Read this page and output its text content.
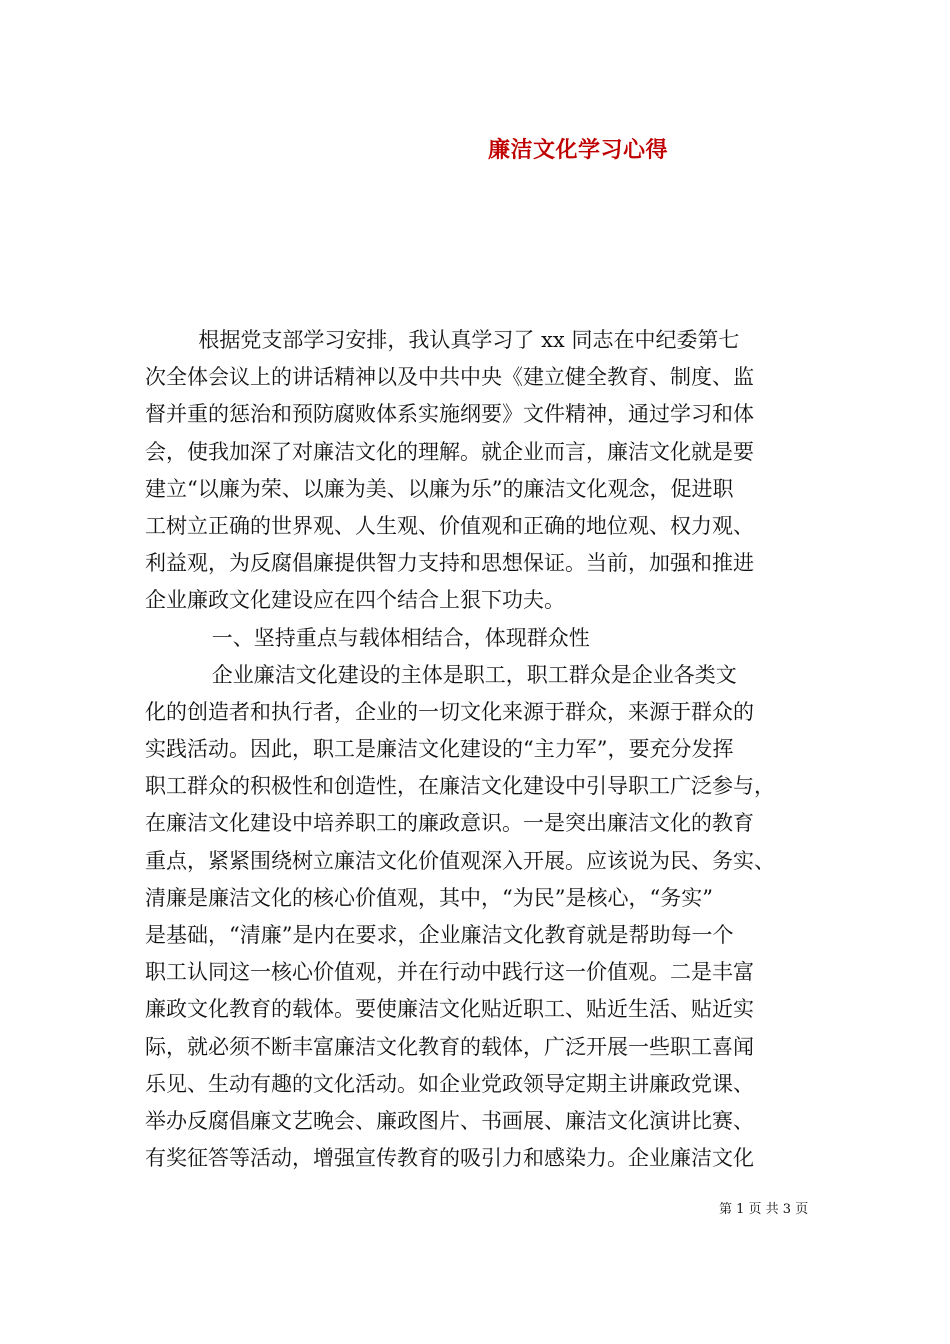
廉洁文化学习心得
根据党支部学习安排，我认真学习了 xx 同志在中纪委第七
次全体会议上的讲话精神以及中共中央《建立健全教育、制度、监
督并重的惩治和预防腐败体系实施纲要》文件精神，通过学习和体
会，使我加深了对廉洁文化的理解。就企业而言，廉洁文化就是要
建立“以廉为荣、以廉为美、以廉为乐”的廉洁文化观念，促进职
工树立正确的世界观、人生观、价值观和正确的地位观、权力观、
利益观，为反腐倡廉提供智力支持和思想保证。当前，加强和推进
企业廉政文化建设应在四个结合上狠下功夫。
一、坚持重点与载体相结合，体现群众性
企业廉洁文化建设的主体是职工，职工群众是企业各类文
化的创造者和执行者，企业的一切文化来源于群众，来源于群众的
实践活动。因此，职工是廉洁文化建设的“主力军”，要充分发挥
职工群众的积极性和创造性，在廉洁文化建设中引导职工广泛参与，
在廉洁文化建设中培养职工的廉政意识。一是突出廉洁文化的教育
重点，紧紧围绕树立廉洁文化价值观深入开展。应该说为民、务实、
清廉是廉洁文化的核心价值观，其中，“为民”是核心，“务实”
是基础，“清廉”是内在要求，企业廉洁文化教育就是帮助每一个
职工认同这一核心价值观，并在行动中践行这一价值观。二是丰富
廉政文化教育的载体。要使廉洁文化贴近职工、贴近生活、贴近实
际，就必须不断丰富廉洁文化教育的载体，广泛开展一些职工喜闻
乐见、生动有趣的文化活动。如企业党政领导定期主讲廉政党课、
举办反腐倡廉文艺晚会、廉政图片、书画展、廉洁文化演讲比赛、
有奖征答等活动，增强宣传教育的吸引力和感染力。企业廉洁文化
第 1 页 共 3 页
